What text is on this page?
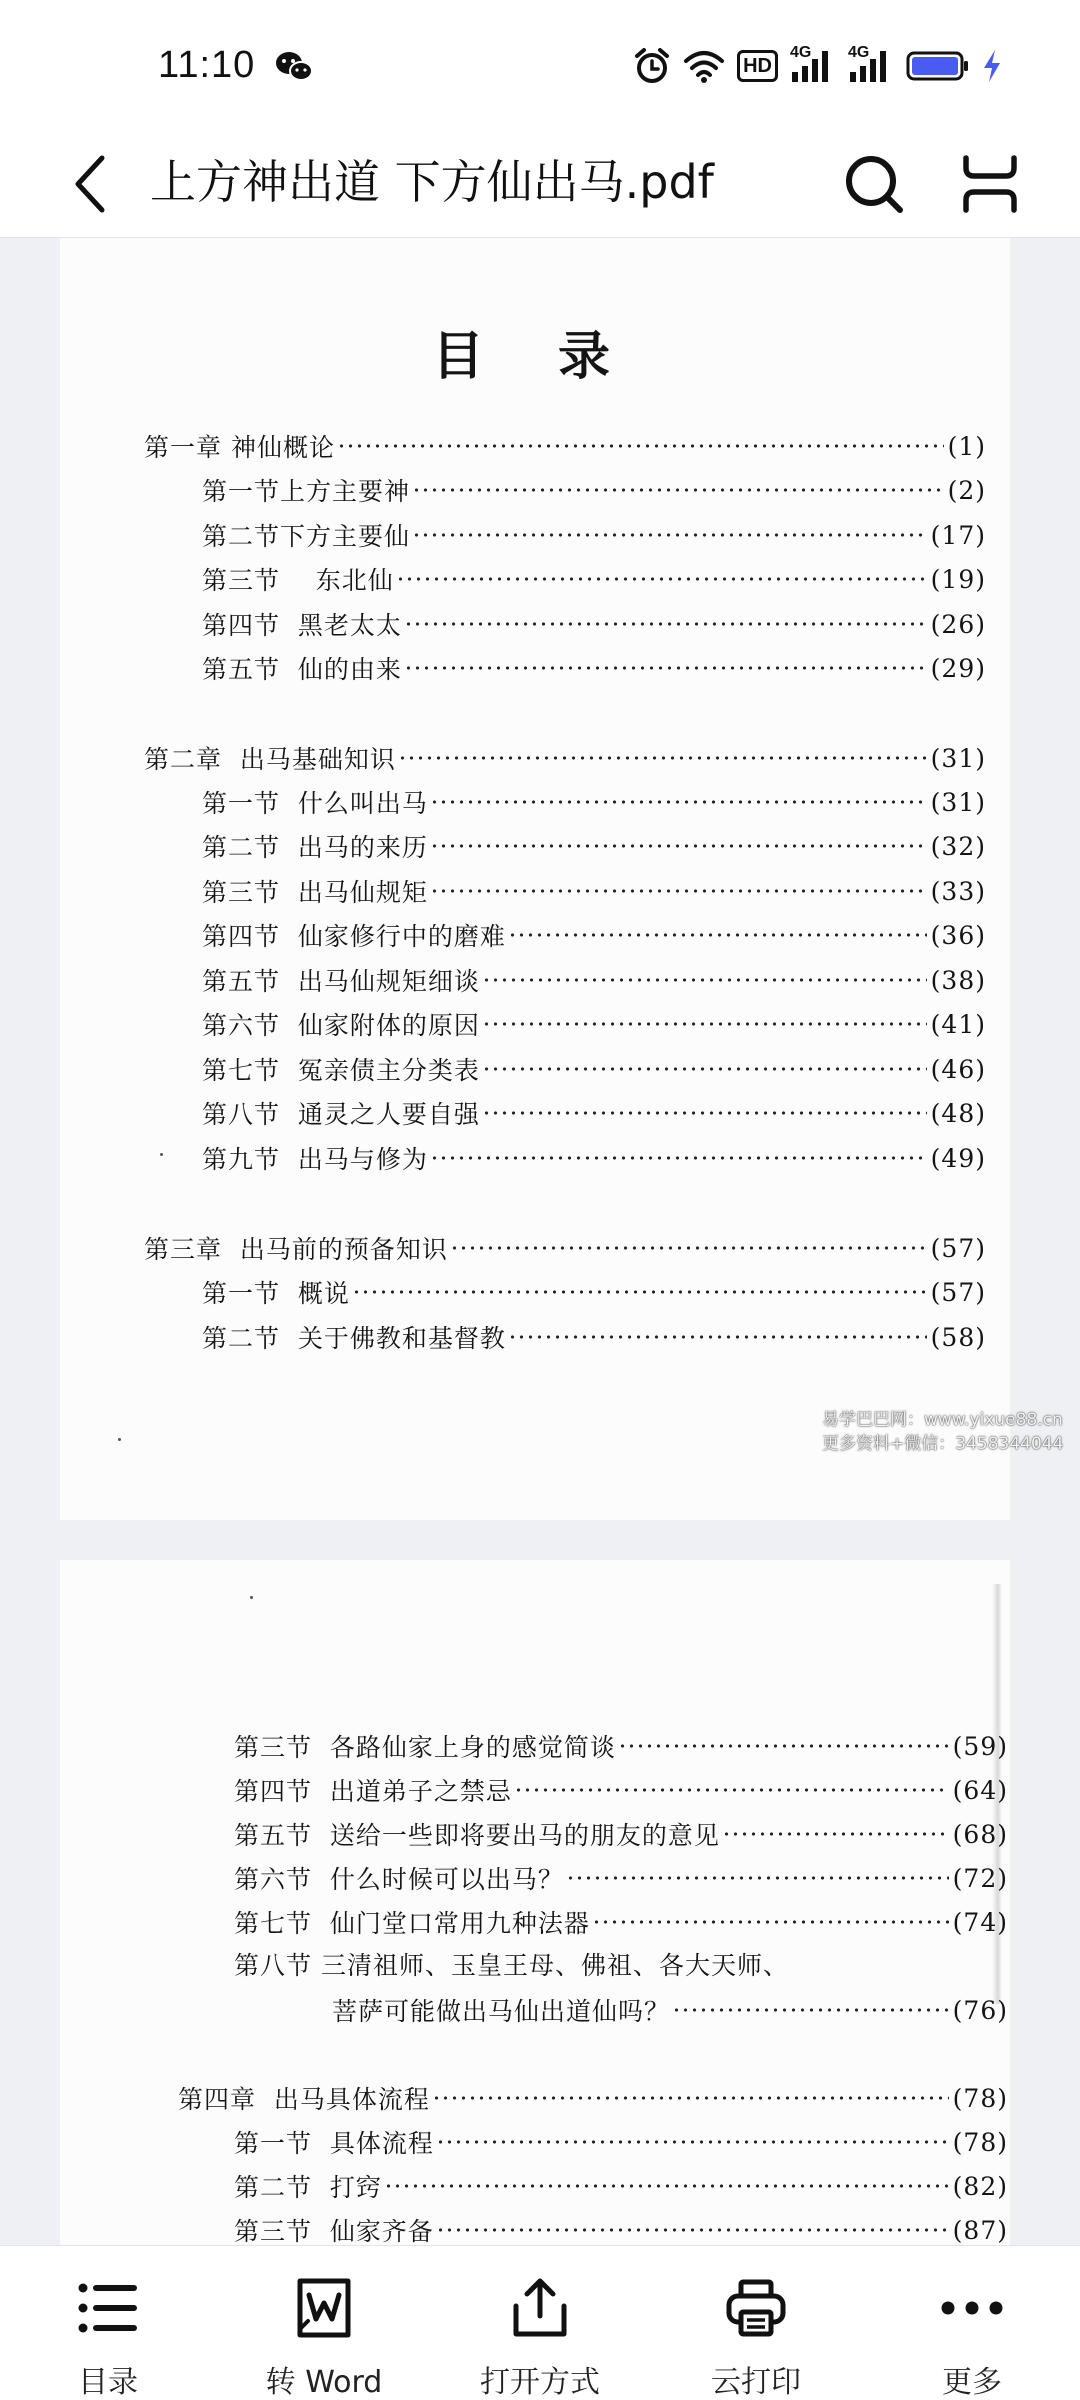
11:10	HD
4G 4G
上方神出道 下方仙出马.pdf
目 录
第一章 神仙概论	(1)
第一节上方主要神	(2)
第二节下方主要仙	(17)
第三节    东北仙	(19)
第四节  黑老太太	(26)
第五节  仙的由来	(29)
第二章  出马基础知识	(31)
第一节  什么叫出马	(31)
第二节  出马的来历	(32)
第三节  出马仙规矩	(33)
第四节  仙家修行中的磨难	(36)
第五节  出马仙规矩细谈	(38)
第六节  仙家附体的原因	(41)
第七节  冤亲债主分类表	(46)
第八节  通灵之人要自强	(48)
第九节  出马与修为	(49)
第三章  出马前的预备知识	(57)
第一节  概说	(57)
第二节  关于佛教和基督教	(58)
第三节  各路仙家上身的感觉简谈	(59)
第四节  出道弟子之禁忌	(64)
第五节  送给一些即将要出马的朋友的意见	(68)
第六节  什么时候可以出马？	(72)
第七节  仙门堂口常用九种法器	(74)
第八节 三清祖师、玉皇王母、佛祖、各大天师、
菩萨可能做出马仙出道仙吗？	(76)
第四章  出马具体流程	(78)
第一节  具体流程	(78)
第二节  打窍	(82)
第三节  仙家齐备	(87)
易学巴巴网：www.yixue88.cn
更多资料+微信：3458344044
目录	转 Word	打开方式	云打印	更多
